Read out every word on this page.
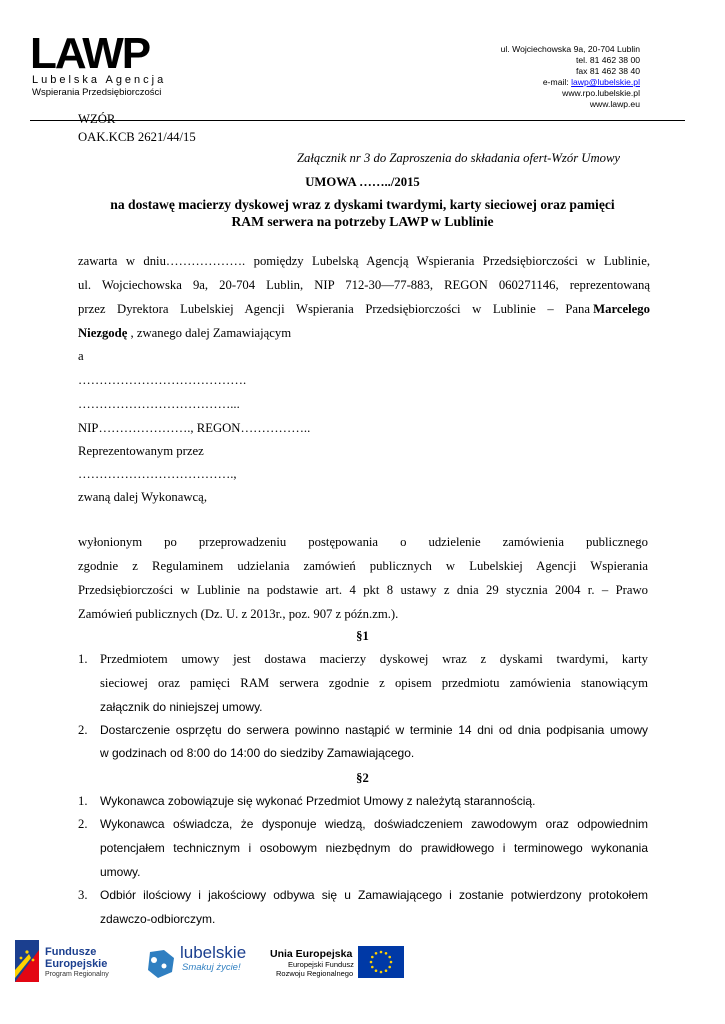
LAWP
Lubelska Agencja
Wspierania Przedsiębiorczości
ul. Wojciechowska 9a, 20-704 Lublin
tel. 81 462 38 00
fax 81 462 38 40
e-mail: lawp@lubelskie.pl
www.rpo.lubelskie.pl
www.lawp.eu
WZÓR
OAK.KCB 2621/44/15
Załącznik nr 3 do Zaproszenia do składania ofert-Wzór Umowy
UMOWA ……../2015
na dostawę macierzy dyskowej wraz z dyskami twardymi, karty sieciowej oraz pamięci
RAM serwera na potrzeby LAWP w Lublinie
zawarta w dniu………………. pomiędzy Lubelską Agencją Wspierania Przedsiębiorczości w Lublinie,
ul. Wojciechowska 9a, 20-704 Lublin, NIP 712-30—77-883, REGON 060271146, reprezentowaną
przez Dyrektora Lubelskiej Agencji Wspierania Przedsiębiorczości w Lublinie – Pana
Marcelego
Niezgodę , zwanego dalej Zamawiającym
a
………………………………….
………………………………...
NIP…………………., REGON……………..
Reprezentowanym przez
……………………………….,
zwaną dalej Wykonawcą,
wyłonionym po przeprowadzeniu postępowania o udzielenie zamówienia publicznego
zgodnie z Regulaminem udzielania zamówień publicznych w Lubelskiej Agencji Wspierania
Przedsiębiorczości w Lublinie na podstawie art. 4 pkt 8 ustawy z dnia 29 stycznia 2004 r. – Prawo
Zamówień publicznych (Dz. U. z 2013r., poz. 907 z późn.zm.).
§1
1. Przedmiotem umowy jest dostawa macierzy dyskowej wraz z dyskami twardymi, karty
sieciowej oraz pamięci RAM serwera zgodnie z opisem przedmiotu zamówienia stanowiącym
załącznik do niniejszej umowy.
2. Dostarczenie osprzętu do serwera powinno nastąpić w terminie 14 dni od dnia podpisania umowy
w godzinach od 8:00 do 14:00 do siedziby Zamawiającego.
§2
1. Wykonawca zobowiązuje się wykonać Przedmiot Umowy z należytą starannością.
2. Wykonawca oświadcza, że dysponuje wiedzą, doświadczeniem zawodowym oraz odpowiednim
potencjałem technicznym i osobowym niezbędnym do prawidłowego i terminowego wykonania
umowy.
3. Odbiór ilościowy i jakościowy odbywa się u Zamawiającego i zostanie potwierdzony protokołem
zdawczo-odbiorczym.
Fundusze
Europejskie
Program Regionalny
lubelskie
Smakuj życie!
Unia Europejska
Europejski Fundusz
Rozwoju Regionalnego
